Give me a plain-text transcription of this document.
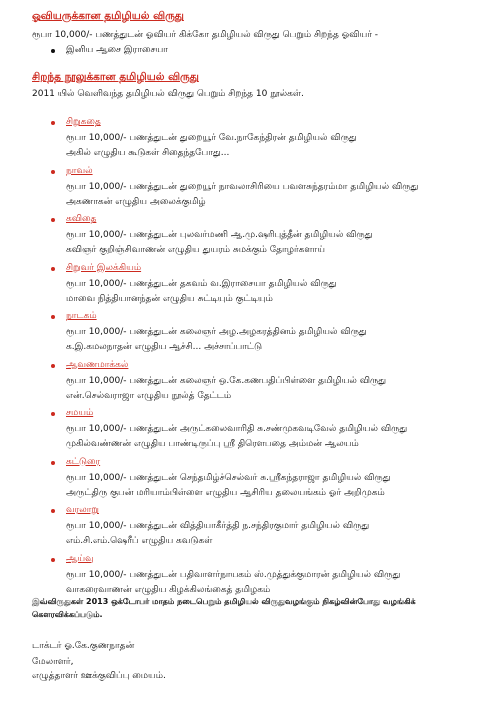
ஓவியருக்கான தமிழியல் விருது
ரூபா 10,000/- பணத்துடன் ஓவியர் கிக்கோ தமிழியல் விருது பெறும் சிறந்த ஓவியர் -
இனிய ஆசை இராசையா
சிறந்த நூலுக்கான தமிழியல் விருது
2011 யில் வெளிவந்த தமிழியல் விருது பெறும் சிறந்த 10 நூல்கள்.
சிறுகதை
ரூபா 10,000/- பணத்துடன் துறையூர் வே.நாகேந்திரன் தமிழியல் விருது
அகில் எழுதிய கூடுகள் சிதைந்தபோது...
நாவல்
ரூபா 10,000/- பணத்துடன் துறையூர் நாவலாசிரியை பவளசுந்தரம்மா தமிழியல் விருது
அகணாகன் எழுதிய அலைக்குமிழ்
கவிதை
ரூபா 10,000/- பணத்துடன் புலவர்மணி ஆ.மு.ஷரிபுத்தீன் தமிழியல் விருது
கவிஞர் குறிஞ்சிவாணன் எழுதிய துயரம் சுமக்கும் தோழர்களாய்
சிறுவர் இலக்கியம்
ரூபா 10,000/- பணத்துடன் தகவம் வ.இராசையா தமிழியல் விருது
மாவை நித்தியானந்தன் எழுதிய சுட்டியும் குட்டியும்
நாடகம்
ரூபா 10,000/- பணத்துடன் கலைஞர் அழ.அழகரத்தினம் தமிழியல் விருது
க.இ.கமலநாதன் எழுதிய ஆச்சி... அச்சாப்பாட்டு
ஆவணமாக்கல்
ரூபா 10,000/- பணத்துடன் கலைஞர் ஒ.கே.கணபதிப்பிள்ளை தமிழியல் விருது
என்.செல்வராஜா எழுதிய நூல்த் தேட்டம்
சமயம்
ரூபா 10,000/- பணத்துடன் அருட்கலைவாரிதி சு.சண்முகவடிவேல் தமிழியல் விருது
முகில்வண்ணன் எழுதிய பாண்டிருப்பு ஸ்ரீ திரௌபதை அம்மன் ஆலயம்
கட்டுரை
ரூபா 10,000/- பணத்துடன் செந்தமிழ்ச்செல்வர் சு.ஸ்ரீகந்தராஜா தமிழியல் விருது
அருட்திரு குபன் மரியாம்பிள்ளை எழுதிய ஆசிரிய தலையங்கம் ஓர் அறிமுகம்
வரலாறு
ரூபா 10,000/- பணத்துடன் வித்தியாகீர்த்தி ந.சந்திரகுமார் தமிழியல் விருது
எம்.சி.எம்.ஷெரீப் எழுதிய கவடுகள்
ஆய்வு
ரூபா 10,000/- பணத்துடன் பதிவாளர்நாயகம் ஸ்.முத்துக்குமாரன் தமிழியல் விருது
வாகரைவாணன் எழுதிய கிழக்கிலங்கைத் தமிழகம்
இவ்விருதுகள் 2013 ஒக்டோபர் மாதம் நடைபெறும் தமிழியல் விருதுவழங்கும் நிகழ்வின்போது வழங்கிக் கௌரவிக்கப்படும்.
டாக்டர் ஓ.கே.குணநாதன்
மேலாளர்,
எழுத்தாளர் ஊக்குவிப்பு மையம்.
